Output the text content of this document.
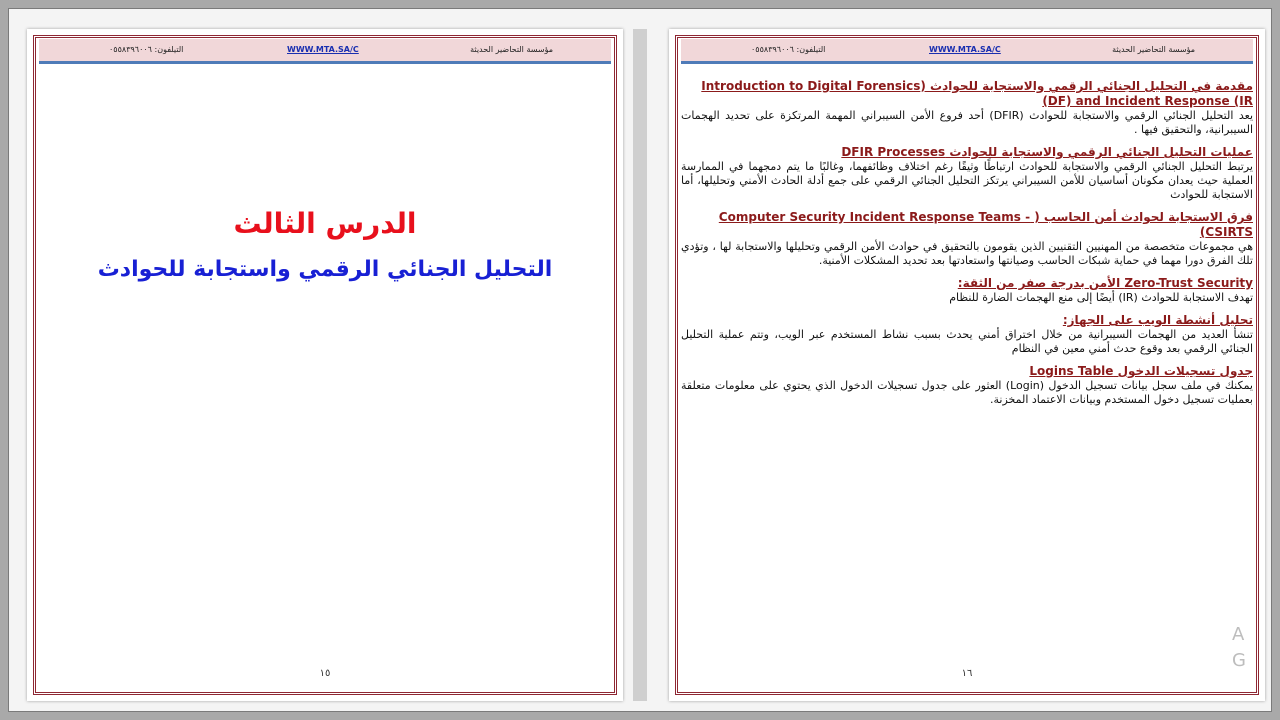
مؤسسة التحاضير الحديثة
WWW.MTA.SA/C
التيلفون: ٠٥٥٨٣٩٦٠٠٦
الدرس الثالث
التحليل الجنائي الرقمي واستجابة للحوادث
١٥
مؤسسة التحاضير الحديثة
WWW.MTA.SA/C
التيلفون: ٠٥٥٨٣٩٦٠٠٦
مقدمة في التحليل الجنائي الرقمي والاستجابة للحوادث (Introduction to Digital Forensics (DF) and Incident Response (IR
يعد التحليل الجنائي الرقمي والاستجابة للحوادث (DFIR) أحد فروع الأمن السيبراني المهمة المرتكزة على تحديد الهجمات السيبرانية، والتحقيق فيها .
عمليات التحليل الجنائي الرقمي والاستجابة للحوادث DFIR Processes
يرتبط التحليل الجنائي الرقمي والاستجابة للحوادث ارتباطًا وثيقًا رغم اختلاف وظائفهما، وغالبًا ما يتم دمجهما في الممارسة العملية حيث يعدان مكونان أساسيان للأمن السيبراني يرتكز التحليل الجنائي الرقمي على جمع أدلة الحادث الأمني وتحليلها، أما الاستجابة للحوادث
فرق الاستجابة لحوادث أمن الحاسب ( Computer Security Incident Response Teams - CSIRTS)
هي مجموعات متخصصة من المهنيين التقنيين الذين يقومون بالتحقيق في حوادث الأمن الرقمي وتحليلها والاستجابة لها ، وتؤدي تلك الفرق دورا مهما في حماية شبكات الحاسب وصيانتها واستعادتها بعد تحديد المشكلات الأمنية.
Zero-Trust Security الأمن بدرجة صفر من الثقة:
تهدف الاستجابة للحوادث (IR) أيضًا إلى منع الهجمات الضارة للنظام
تحليل أنشطة الويب على الجهاز:
تنشأ العديد من الهجمات السيبرانية من خلال اختراق أمني يحدث بسبب نشاط المستخدم عبر الويب، وتتم عملية التحليل الجنائي الرقمي بعد وقوع حدث أمني معين في النظام
جدول تسجيلات الدخول Logins Table
يمكنك في ملف سجل بيانات تسجيل الدخول (Login) العثور على جدول تسجيلات الدخول الذي يحتوي على معلومات متعلقة بعمليات تسجيل دخول المستخدم وبيانات الاعتماد المخزنة.
١٦
A
G
